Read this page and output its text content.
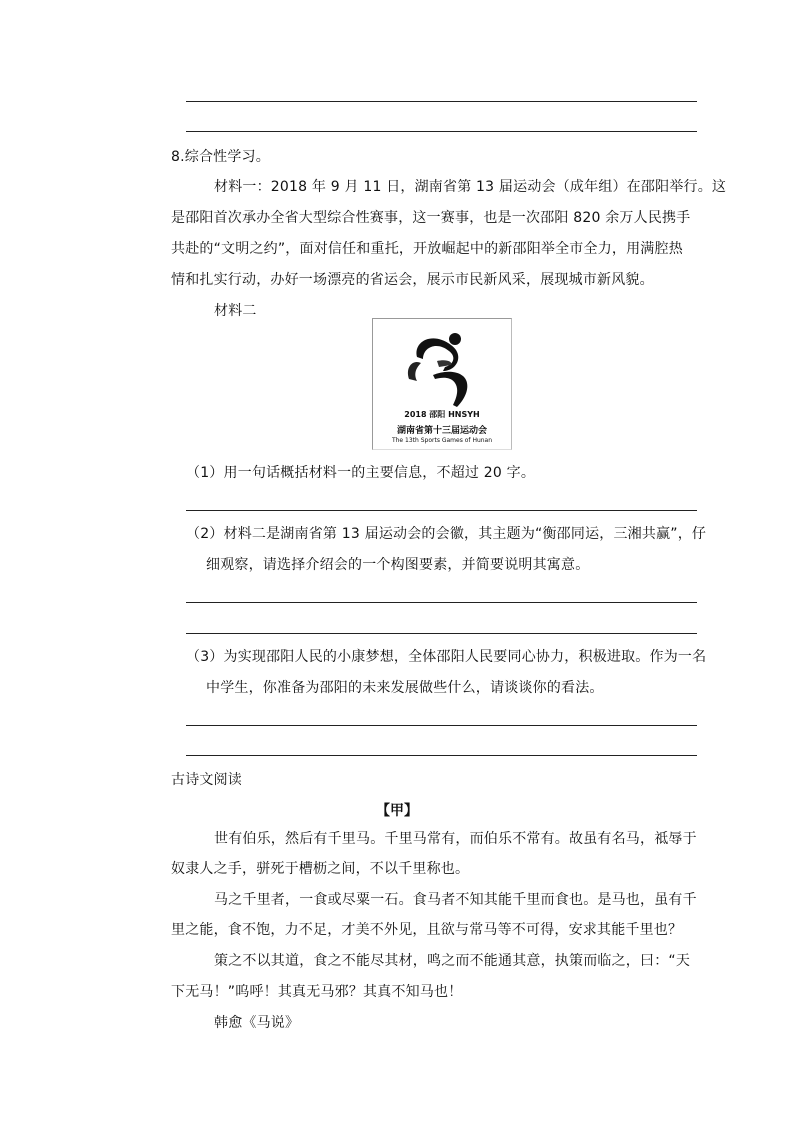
8.综合性学习。
材料一：2018 年 9 月 11 日，湖南省第 13 届运动会（成年组）在邵阳举行。这
是邵阳首次承办全省大型综合性赛事，这一赛事，也是一次邵阳 820 余万人民携手
共赴的“文明之约”，面对信任和重托，开放崛起中的新邵阳举全市全力，用满腔热
情和扎实行动，办好一场漂亮的省运会，展示市民新风采，展现城市新风貌。
材料二
2018 邵阳 HNSYH
湖南省第十三届运动会
The 13th Sports Games of Hunan
（1）用一句话概括材料一的主要信息，不超过 20 字。
（2）材料二是湖南省第 13 届运动会的会徽，其主题为“衡邵同运，三湘共赢”，仔
细观察，请选择介绍会的一个构图要素，并简要说明其寓意。
（3）为实现邵阳人民的小康梦想，全体邵阳人民要同心协力，积极进取。作为一名
中学生，你准备为邵阳的未来发展做些什么，请谈谈你的看法。
古诗文阅读
【甲】
世有伯乐，然后有千里马。千里马常有，而伯乐不常有。故虽有名马，祗辱于
奴隶人之手，骈死于槽枥之间，不以千里称也。
马之千里者，一食或尽粟一石。食马者不知其能千里而食也。是马也，虽有千
里之能，食不饱，力不足，才美不外见，且欲与常马等不可得，安求其能千里也？
策之不以其道，食之不能尽其材，鸣之而不能通其意，执策而临之，曰：“天
下无马！”呜呼！其真无马邪？其真不知马也！
韩愈《马说》
